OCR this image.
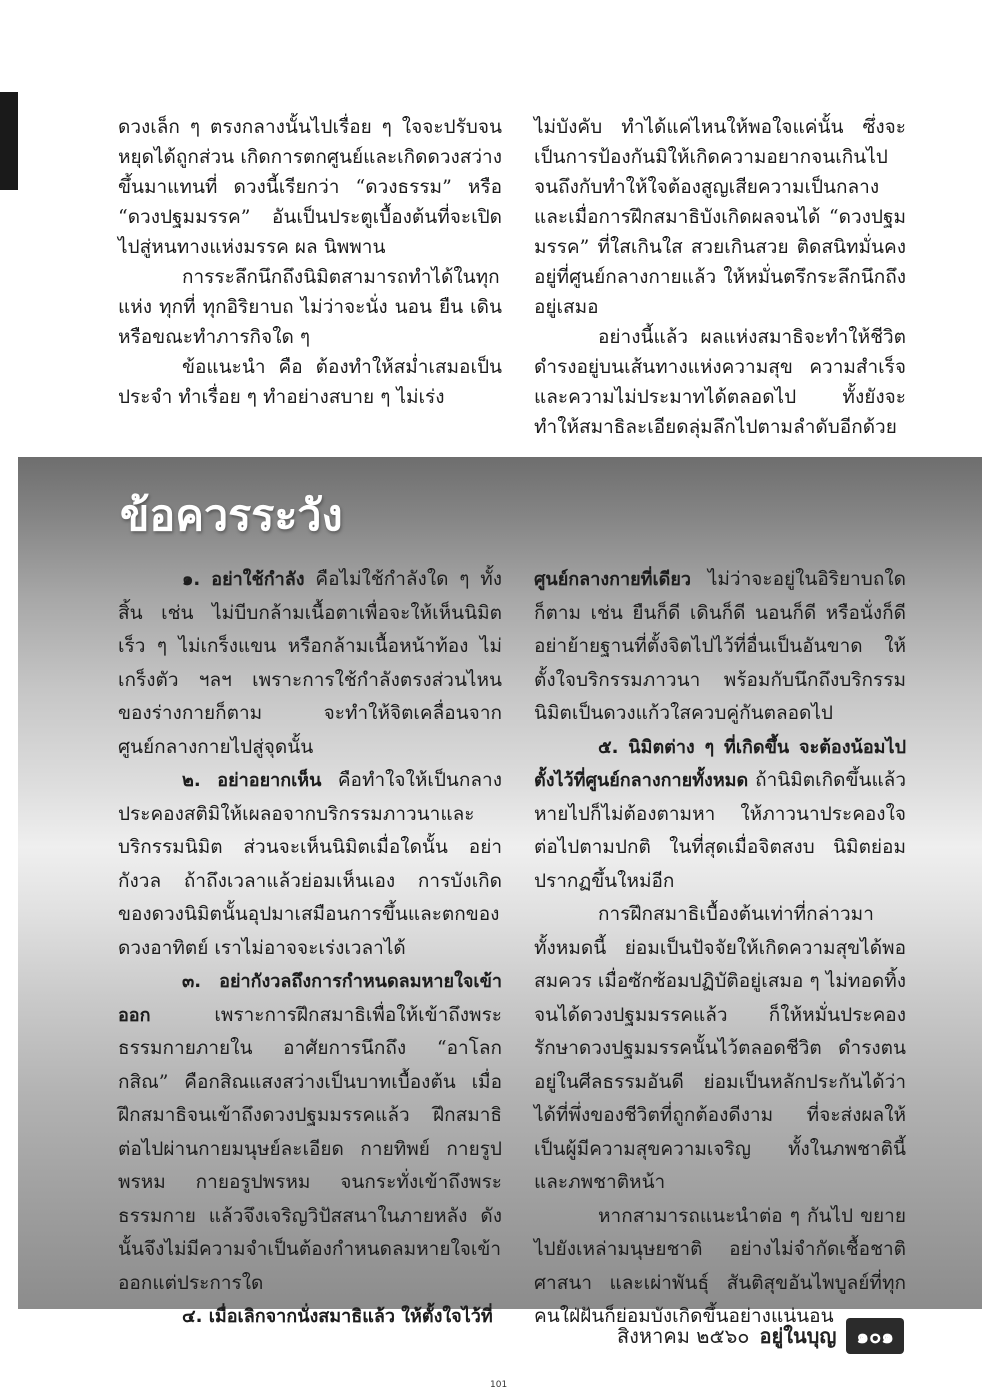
ดวงเล็ก ๆ ตรงกลางนั้นไปเรื่อย ๆ ใจจะปรับจนหยุดได้ถูกส่วน เกิดการตกศูนย์และเกิดดวงสว่างขึ้นมาแทนที่ ดวงนี้เรียกว่า “ดวงธรรม” หรือ “ดวงปฐมมรรค” อันเป็นประตูเบื้องต้นที่จะเปิดไปสู่หนทางแห่งมรรค ผล นิพพาน

การระลึกนึกถึงนิมิตสามารถทำได้ในทุกแห่ง ทุกที่ ทุกอิริยาบถ ไม่ว่าจะนั่ง นอน ยืน เดิน หรือขณะทำภารกิจใด ๆ

ข้อแนะนำ คือ ต้องทำให้สม่ำเสมอเป็นประจำ ทำเรื่อย ๆ ทำอย่างสบาย ๆ ไม่เร่ง

ไม่บังคับ ทำได้แค่ไหนให้พอใจแค่นั้น ซึ่งจะเป็นการป้องกันมิให้เกิดความอยากจนเกินไป จนถึงกับทำให้ใจต้องสูญเสียความเป็นกลาง และเมื่อการฝึกสมาธิบังเกิดผลจนได้ “ดวงปฐมมรรค” ที่ใสเกินใส สวยเกินสวย ติดสนิทมั่นคงอยู่ที่ศูนย์กลางกายแล้ว ให้หมั่นตรึกระลึกนึกถึงอยู่เสมอ

อย่างนี้แล้ว ผลแห่งสมาธิจะทำให้ชีวิตดำรงอยู่บนเส้นทางแห่งความสุข ความสำเร็จและความไม่ประมาทได้ตลอดไป ทั้งยังจะทำให้สมาธิละเอียดลุ่มลึกไปตามลำดับอีกด้วย

ข้อควรระวัง

๑. อย่าใช้กำลัง คือไม่ใช้กำลังใด ๆ ทั้งสิ้น เช่น ไม่บีบกล้ามเนื้อตาเพื่อจะให้เห็นนิมิตเร็ว ๆ ไม่เกร็งแขน หรือกล้ามเนื้อหน้าท้อง ไม่เกร็งตัว ฯลฯ เพราะการใช้กำลังตรงส่วนไหนของร่างกายก็ตาม จะทำให้จิตเคลื่อนจากศูนย์กลางกายไปสู่จุดนั้น

๒. อย่าอยากเห็น คือทำใจให้เป็นกลาง ประคองสติมิให้เผลอจากบริกรรมภาวนาและบริกรรมนิมิต ส่วนจะเห็นนิมิตเมื่อใดนั้น อย่ากังวล ถ้าถึงเวลาแล้วย่อมเห็นเอง การบังเกิดของดวงนิมิตนั้นอุปมาเสมือนการขึ้นและตกของดวงอาทิตย์ เราไม่อาจจะเร่งเวลาได้

๓. อย่ากังวลถึงการกำหนดลมหายใจเข้าออก เพราะการฝึกสมาธิเพื่อให้เข้าถึงพระธรรมกายภายใน อาศัยการนึกถึง “อาโลกกสิณ” คือกสิณแสงสว่างเป็นบาทเบื้องต้น เมื่อฝึกสมาธิจนเข้าถึงดวงปฐมมรรคแล้ว ฝึกสมาธิต่อไปผ่านกายมนุษย์ละเอียด กายทิพย์ กายรูปพรหม กายอรูปพรหม จนกระทั่งเข้าถึงพระธรรมกาย แล้วจึงเจริญวิปัสสนาในภายหลัง ดังนั้นจึงไม่มีความจำเป็นต้องกำหนดลมหายใจเข้าออกแต่ประการใด

๔. เมื่อเลิกจากนั่งสมาธิแล้ว ให้ตั้งใจไว้ที่

ศูนย์กลางกายที่เดียว ไม่ว่าจะอยู่ในอิริยาบถใดก็ตาม เช่น ยืนก็ดี เดินก็ดี นอนก็ดี หรือนั่งก็ดี อย่าย้ายฐานที่ตั้งจิตไปไว้ที่อื่นเป็นอันขาด ให้ตั้งใจบริกรรมภาวนา พร้อมกับนึกถึงบริกรรมนิมิตเป็นดวงแก้วใสควบคู่กันตลอดไป

๕. นิมิตต่าง ๆ ที่เกิดขึ้น จะต้องน้อมไปตั้งไว้ที่ศูนย์กลางกายทั้งหมด ถ้านิมิตเกิดขึ้นแล้วหายไปก็ไม่ต้องตามหา ให้ภาวนาประคองใจต่อไปตามปกติ ในที่สุดเมื่อจิตสงบ นิมิตย่อมปรากฏขึ้นใหม่อีก

การฝึกสมาธิเบื้องต้นเท่าที่กล่าวมาทั้งหมดนี้ ย่อมเป็นปัจจัยให้เกิดความสุขได้พอสมควร เมื่อซักซ้อมปฏิบัติอยู่เสมอ ๆ ไม่ทอดทิ้งจนได้ดวงปฐมมรรคแล้ว ก็ให้หมั่นประคองรักษาดวงปฐมมรรคนั้นไว้ตลอดชีวิต ดำรงตนอยู่ในศีลธรรมอันดี ย่อมเป็นหลักประกันได้ว่า ได้ที่พึ่งของชีวิตที่ถูกต้องดีงาม ที่จะส่งผลให้เป็นผู้มีความสุขความเจริญ ทั้งในภพชาตินี้และภพชาติหน้า

หากสามารถแนะนำต่อ ๆ กันไป ขยายไปยังเหล่ามนุษยชาติ อย่างไม่จำกัดเชื้อชาติ ศาสนา และเผ่าพันธุ์ สันติสุขอันไพบูลย์ที่ทุกคนใฝ่ฝันก็ย่อมบังเกิดขึ้นอย่างแน่นอน

สิงหาคม ๒๕๖๐ อยู่ในบุญ	๑๐๑
101
